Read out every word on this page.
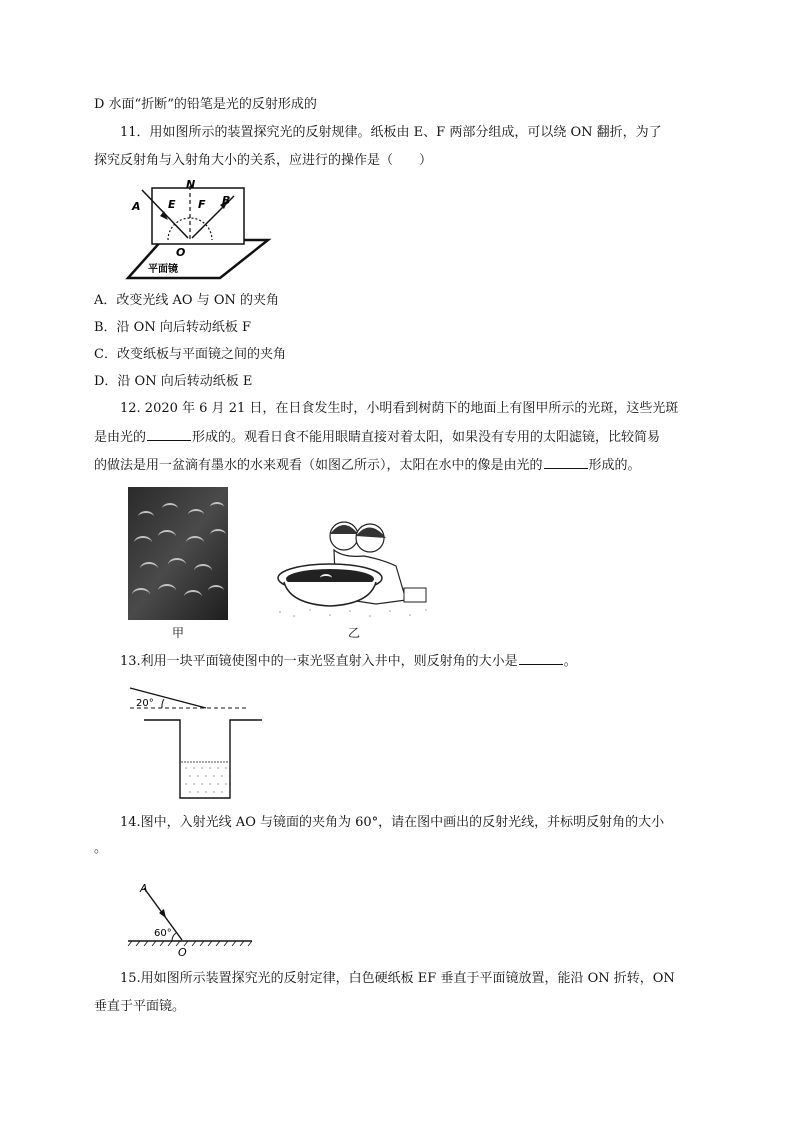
D 水面“折断”的铅笔是光的反射形成的
11．用如图所示的装置探究光的反射规律。纸板由 E、F 两部分组成，可以绕 ON 翻折，为了
探究反射角与入射角大小的关系，应进行的操作是（　　）
A
N
B
E F
O
平面镜
A．改变光线 AO 与 ON 的夹角
B．沿 ON 向后转动纸板 F
C．改变纸板与平面镜之间的夹角
D．沿 ON 向后转动纸板 E
12. 2020 年 6 月 21 日，在日食发生时，小明看到树荫下的地面上有图甲所示的光斑，这些光斑
是由光的	形成的。观看日食不能用眼睛直接对着太阳，如果没有专用的太阳滤镜，比较简易
的做法是用一盆滴有墨水的水来观看（如图乙所示），太阳在水中的像是由光的	形成的。
甲	乙
13.利用一块平面镜使图中的一束光竖直射入井中，则反射角的大小是	。
20°
14.图中，入射光线 AO 与镜面的夹角为 60°，请在图中画出的反射光线，并标明反射角的大小
。
A
60°
O
15.用如图所示装置探究光的反射定律，白色硬纸板 EF 垂直于平面镜放置，能沿 ON 折转，ON
垂直于平面镜。
